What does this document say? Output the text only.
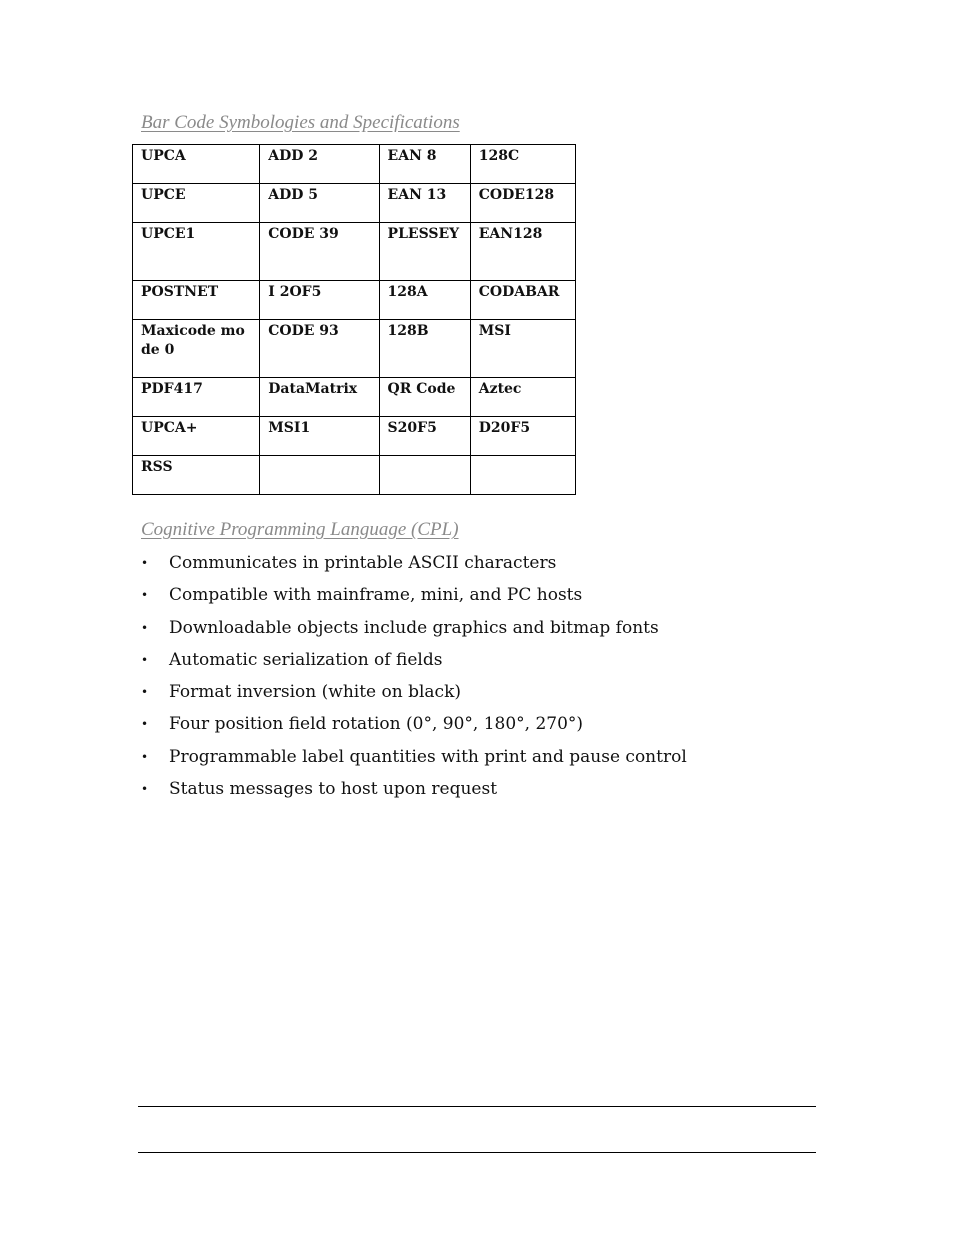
Bar Code Symbologies and Specifications
UPCA	ADD 2	EAN 8	128C
UPCE	ADD 5	EAN 13	CODE128
UPCE1	CODE 39	PLESSEY	EAN128
POSTNET	I 2OF5	128A	CODABAR
Maxicode mode 0	CODE 93	128B	MSI
PDF417	DataMatrix	QR Code	Aztec
UPCA+	MSI1	S20F5	D20F5
RSS			
Cognitive Programming Language (CPL)
• Communicates in printable ASCII characters
• Compatible with mainframe, mini, and PC hosts
• Downloadable objects include graphics and bitmap fonts
• Automatic serialization of fields
• Format inversion (white on black)
• Four position field rotation (0°, 90°, 180°, 270°)
• Programmable label quantities with print and pause control
• Status messages to host upon request
